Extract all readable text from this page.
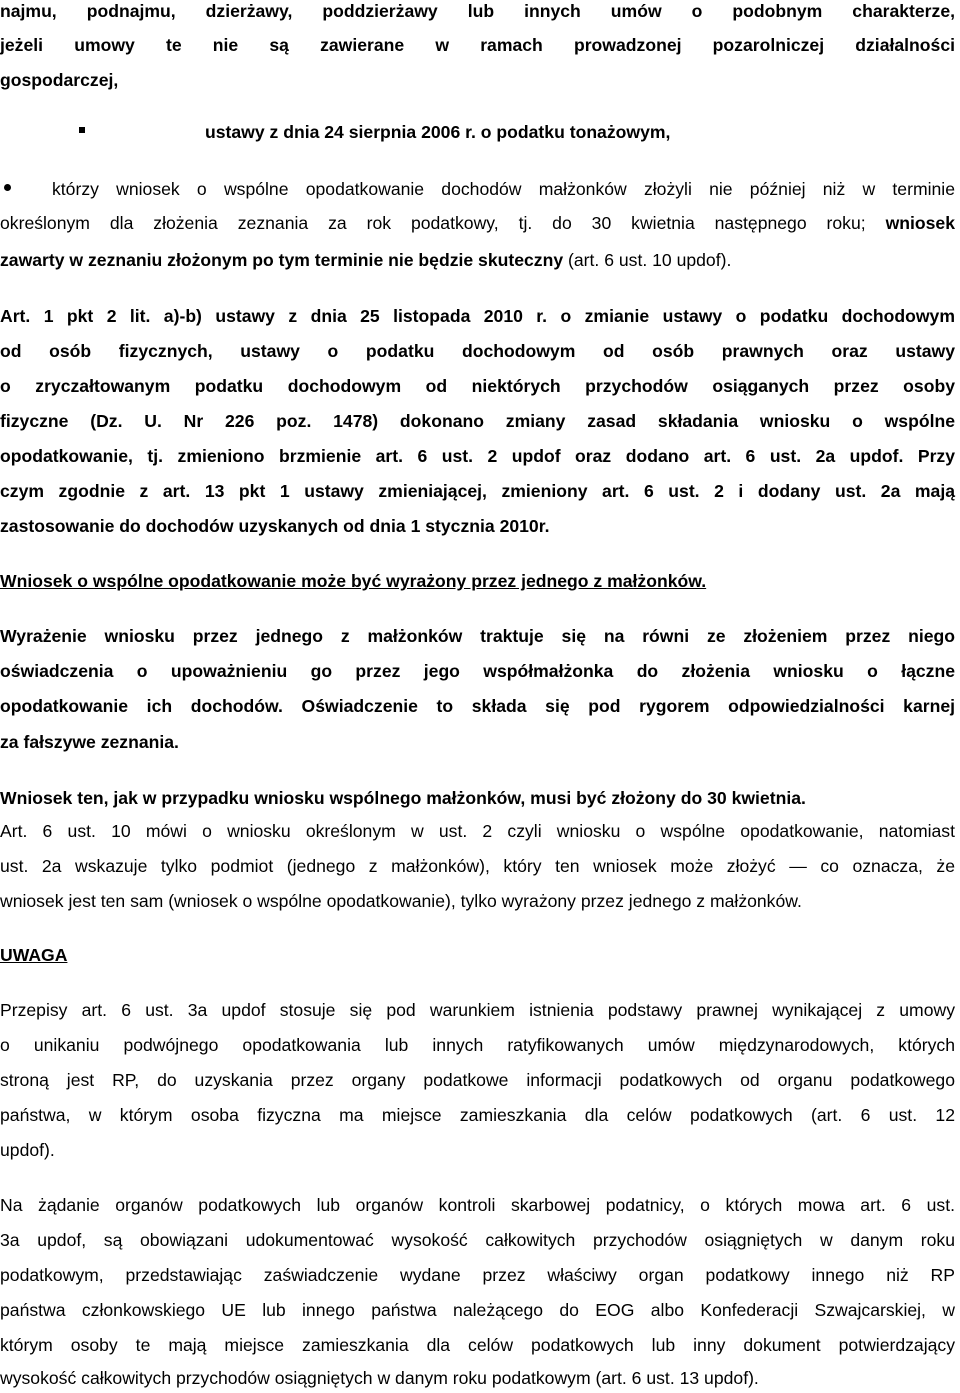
najmu, podnajmu, dzierżawy, poddzierżawy lub innych umów o podobnym charakterze,
jeżeli umowy te nie są zawierane w ramach prowadzonej pozarolniczej działalności
gospodarczej,
ustawy z dnia 24 sierpnia 2006 r. o podatku tonażowym,
którzy wniosek o wspólne opodatkowanie dochodów małżonków złożyli nie później niż w terminie
określonym dla złożenia zeznania za rok podatkowy, tj. do 30 kwietnia następnego roku; wniosek
zawarty w zeznaniu złożonym po tym terminie nie będzie skuteczny (art. 6 ust. 10 updof).
Art. 1 pkt 2 lit. a)-b) ustawy z dnia 25 listopada 2010 r. o zmianie ustawy o podatku dochodowym
od osób fizycznych, ustawy o podatku dochodowym od osób prawnych oraz ustawy
o zryczałtowanym podatku dochodowym od niektórych przychodów osiąganych przez osoby
fizyczne (Dz. U. Nr 226 poz. 1478) dokonano zmiany zasad składania wniosku o wspólne
opodatkowanie, tj. zmieniono brzmienie art. 6 ust. 2 updof oraz dodano art. 6 ust. 2a updof. Przy
czym zgodnie z art. 13 pkt 1 ustawy zmieniającej, zmieniony art. 6 ust. 2 i dodany ust. 2a mają
zastosowanie do dochodów uzyskanych od dnia 1 stycznia 2010r.
Wniosek o wspólne opodatkowanie może być wyrażony przez jednego z małżonków.
Wyrażenie wniosku przez jednego z małżonków traktuje się na równi ze złożeniem przez niego
oświadczenia o upoważnieniu go przez jego współmałżonka do złożenia wniosku o łączne
opodatkowanie ich dochodów. Oświadczenie to składa się pod rygorem odpowiedzialności karnej
za fałszywe zeznania.
Wniosek ten, jak w przypadku wniosku wspólnego małżonków, musi być złożony do 30 kwietnia.
Art. 6 ust. 10 mówi o wniosku określonym w ust. 2 czyli wniosku o wspólne opodatkowanie, natomiast
ust. 2a wskazuje tylko podmiot (jednego z małżonków), który ten wniosek może złożyć — co oznacza, że
wniosek jest ten sam (wniosek o wspólne opodatkowanie), tylko wyrażony przez jednego z małżonków.
UWAGA
Przepisy art. 6 ust. 3a updof stosuje się pod warunkiem istnienia podstawy prawnej wynikającej z umowy
o unikaniu podwójnego opodatkowania lub innych ratyfikowanych umów międzynarodowych, których
stroną jest RP, do uzyskania przez organy podatkowe informacji podatkowych od organu podatkowego
państwa, w którym osoba fizyczna ma miejsce zamieszkania dla celów podatkowych (art. 6 ust. 12
updof).
Na żądanie organów podatkowych lub organów kontroli skarbowej podatnicy, o których mowa art. 6 ust.
3a updof, są obowiązani udokumentować wysokość całkowitych przychodów osiągniętych w danym roku
podatkowym, przedstawiając zaświadczenie wydane przez właściwy organ podatkowy innego niż RP
państwa członkowskiego UE lub innego państwa należącego do EOG albo Konfederacji Szwajcarskiej, w
którym osoby te mają miejsce zamieszkania dla celów podatkowych lub inny dokument potwierdzający
wysokość całkowitych przychodów osiągniętych w danym roku podatkowym (art. 6 ust. 13 updof).
